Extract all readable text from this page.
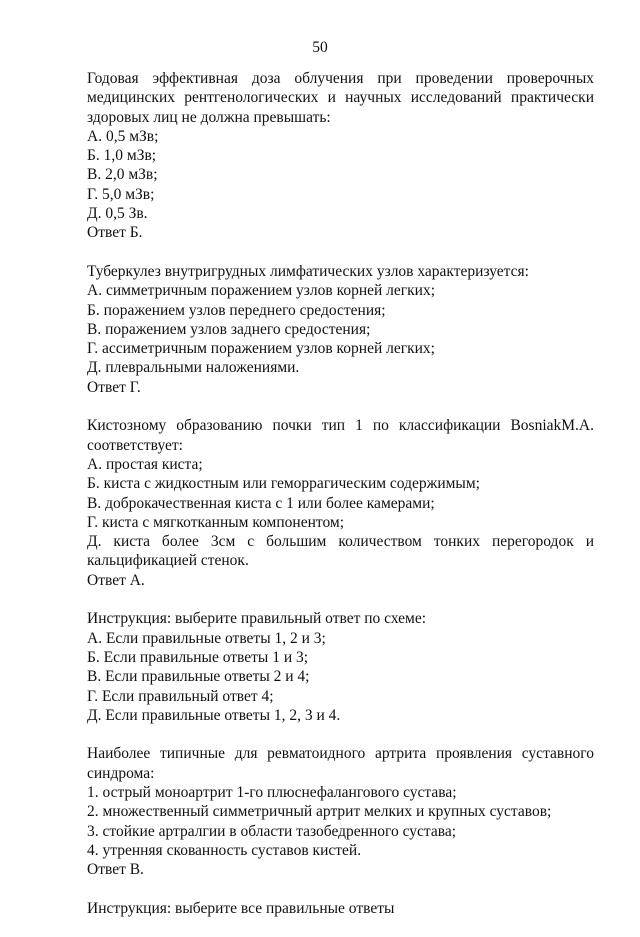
50
Годовая эффективная доза облучения при проведении проверочных
медицинских рентгенологических и научных исследований практически
здоровых лиц не должна превышать:
А. 0,5 мЗв;
Б. 1,0 мЗв;
В. 2,0 мЗв;
Г. 5,0 мЗв;
Д. 0,5 Зв.
Ответ Б.
Туберкулез внутригрудных лимфатических узлов характеризуется:
А. симметричным поражением узлов корней легких;
Б. поражением узлов переднего средостения;
В. поражением узлов заднего средостения;
Г. ассиметричным поражением узлов корней легких;
Д. плевральными наложениями.
Ответ Г.
Кистозному образованию почки тип 1 по классификации BosniakM.A.
соответствует:
А. простая киста;
Б. киста с жидкостным или геморрагическим содержимым;
В. доброкачественная киста с 1 или более камерами;
Г. киста с мягкотканным компонентом;
Д. киста более 3см с большим количеством тонких перегородок и
кальцификацией стенок.
Ответ А.
Инструкция: выберите правильный ответ по схеме:
А. Если правильные ответы 1, 2 и 3;
Б. Если правильные ответы 1 и 3;
В. Если правильные ответы 2 и 4;
Г. Если правильный ответ 4;
Д. Если правильные ответы 1, 2, 3 и 4.
Наиболее типичные для ревматоидного артрита проявления суставного
синдрома:
1. острый моноартрит 1-го плюснефалангового сустава;
2. множественный симметричный артрит мелких и крупных суставов;
3. стойкие артралгии в области тазобедренного сустава;
4. утренняя скованность суставов кистей.
Ответ В.
Инструкция: выберите все правильные ответы
